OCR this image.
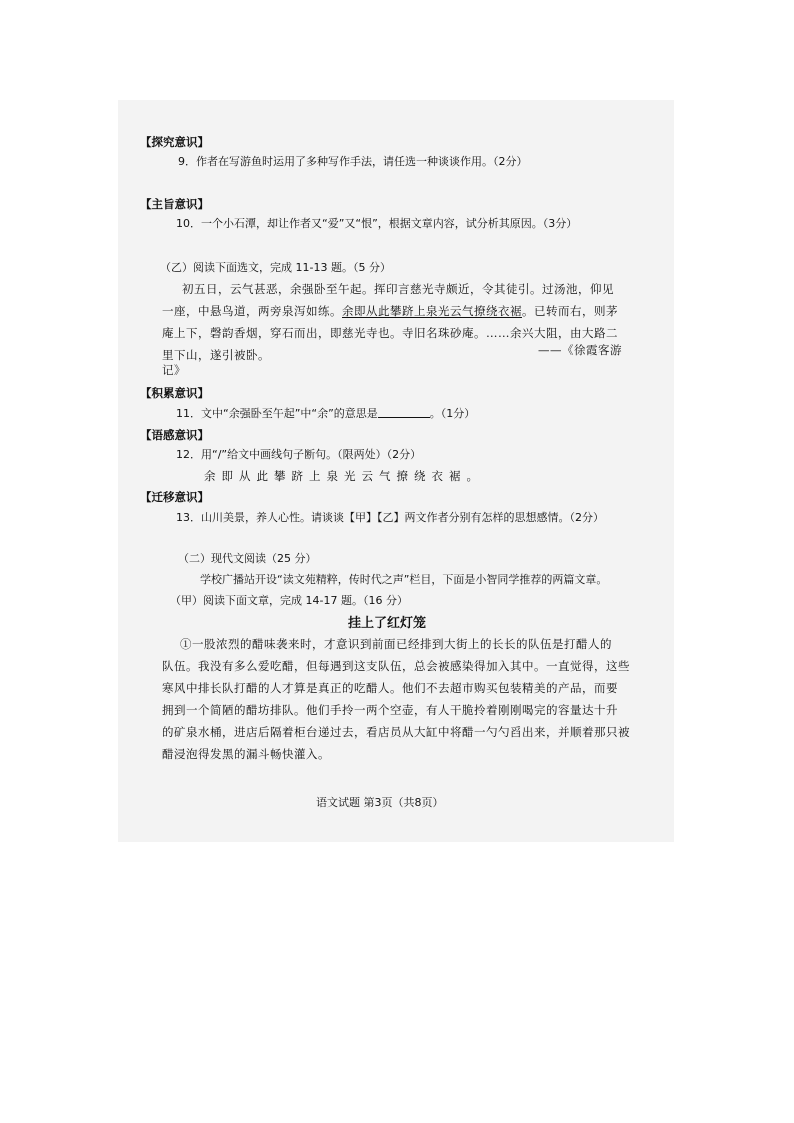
【探究意识】
9．作者在写游鱼时运用了多种写作手法，请任选一种谈谈作用。（2分）
【主旨意识】
10．一个小石潭，却让作者又“爱”又“恨”，根据文章内容，试分析其原因。（3分）
（乙）阅读下面选文，完成 11-13 题。（5 分）
初五日，云气甚恶，余强卧至午起。挥印言慈光寺颇近，令其徒引。过汤池，仰见
一座，中悬鸟道，两旁泉泻如练。余即从此攀跻上泉光云气撩绕衣裾。已转而右，则茅
庵上下，磬韵香烟，穿石而出，即慈光寺也。寺旧名珠砂庵。……余兴大阻，由大路二
里下山，遂引被卧。	——《徐霞客游
记》
【积累意识】
11．文中“余强卧至午起”中“余”的意思是	。（1分）
【语感意识】
12．用“/”给文中画线句子断句。（限两处）（2分）
余即从此攀跻上泉光云气撩绕衣裾。
【迁移意识】
13．山川美景，养人心性。请谈谈【甲】【乙】两文作者分别有怎样的思想感情。（2分）
（二）现代文阅读（25 分）
学校广播站开设“读文苑精粹，传时代之声”栏目，下面是小智同学推荐的两篇文章。
（甲）阅读下面文章，完成 14-17 题。（16 分）
挂上了红灯笼
①一股浓烈的醋味袭来时，才意识到前面已经排到大街上的长长的队伍是打醋人的
队伍。我没有多么爱吃醋，但每遇到这支队伍，总会被感染得加入其中。一直觉得，这些
寒风中排长队打醋的人才算是真正的吃醋人。他们不去超市购买包装精美的产品，而要
拥到一个简陋的醋坊排队。他们手拎一两个空壶，有人干脆拎着刚刚喝完的容量达十升
的矿泉水桶，进店后隔着柜台递过去，看店员从大缸中将醋一勺勺舀出来，并顺着那只被
醋浸泡得发黑的漏斗畅快灌入。
语文试题 第3页（共8页）
